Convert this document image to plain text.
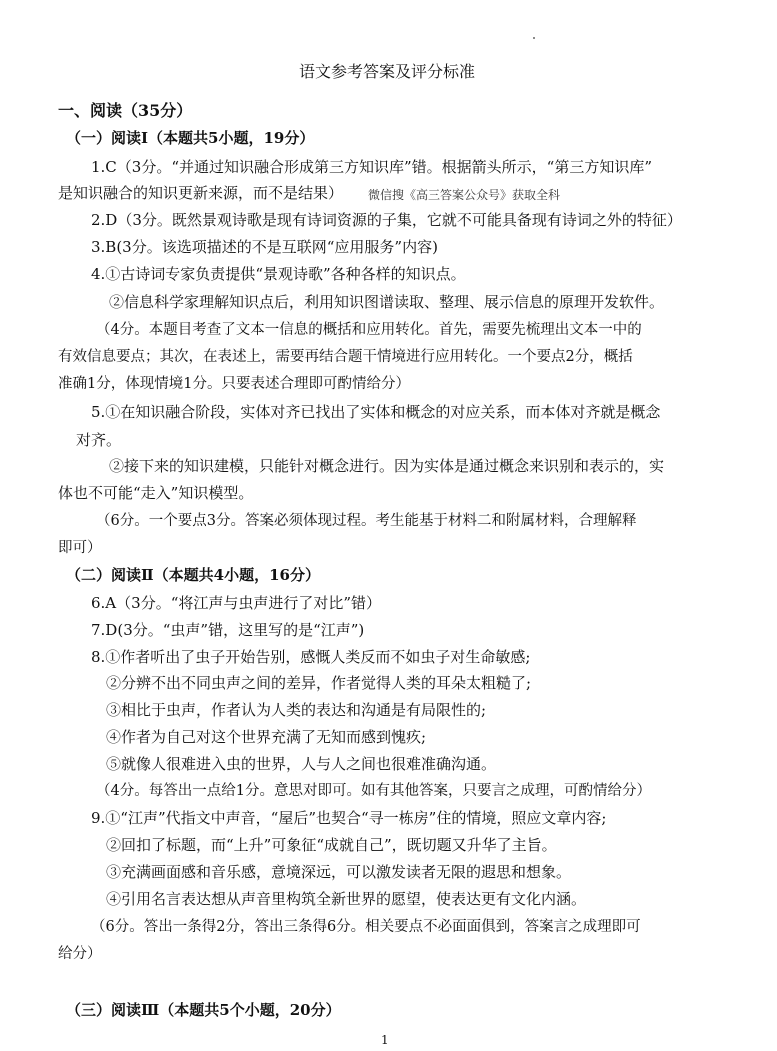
语文参考答案及评分标准
一、阅读（35分）
（一）阅读Ⅰ（本题共5小题，19分）
1.C（3分。“并通过知识融合形成第三方知识库”错。根据箭头所示，“第三方知识库”
是知识融合的知识更新来源，而不是结果） 微信搜《高三答案公众号》获取全科
2.D（3分。既然景观诗歌是现有诗词资源的子集，它就不可能具备现有诗词之外的特征）
3.B(3分。该选项描述的不是互联网“应用服务”内容)
4.①古诗词专家负责提供“景观诗歌”各种各样的知识点。
②信息科学家理解知识点后，利用知识图谱读取、整理、展示信息的原理开发软件。
（4分。本题目考查了文本一信息的概括和应用转化。首先，需要先梳理出文本一中的
有效信息要点；其次，在表述上，需要再结合题干情境进行应用转化。一个要点2分，概括
准确1分，体现情境1分。只要表述合理即可酌情给分）
5.①在知识融合阶段，实体对齐已找出了实体和概念的对应关系，而本体对齐就是概念
对齐。
②接下来的知识建模，只能针对概念进行。因为实体是通过概念来识别和表示的，实
体也不可能“走入”知识模型。
（6分。一个要点3分。答案必须体现过程。考生能基于材料二和附属材料，合理解释
即可）
（二）阅读Ⅱ（本题共4小题，16分）
6.A（3分。“将江声与虫声进行了对比”错）
7.D(3分。“虫声”错，这里写的是“江声”)
8.①作者听出了虫子开始告别，感慨人类反而不如虫子对生命敏感;
②分辨不出不同虫声之间的差异，作者觉得人类的耳朵太粗糙了;
③相比于虫声，作者认为人类的表达和沟通是有局限性的;
④作者为自己对这个世界充满了无知而感到愧疚;
⑤就像人很难进入虫的世界，人与人之间也很难准确沟通。
（4分。每答出一点给1分。意思对即可。如有其他答案，只要言之成理，可酌情给分）
9.①“江声”代指文中声音，“屋后”也契合“寻一栋房”住的情境，照应文章内容;
②回扣了标题，而“上升”可象征“成就自己”，既切题又升华了主旨。
③充满画面感和音乐感，意境深远，可以激发读者无限的遐思和想象。
④引用名言表达想从声音里构筑全新世界的愿望，使表达更有文化内涵。
（6分。答出一条得2分，答出三条得6分。相关要点不必面面俱到，答案言之成理即可
给分）
（三）阅读Ⅲ（本题共5个小题，20分）
1
